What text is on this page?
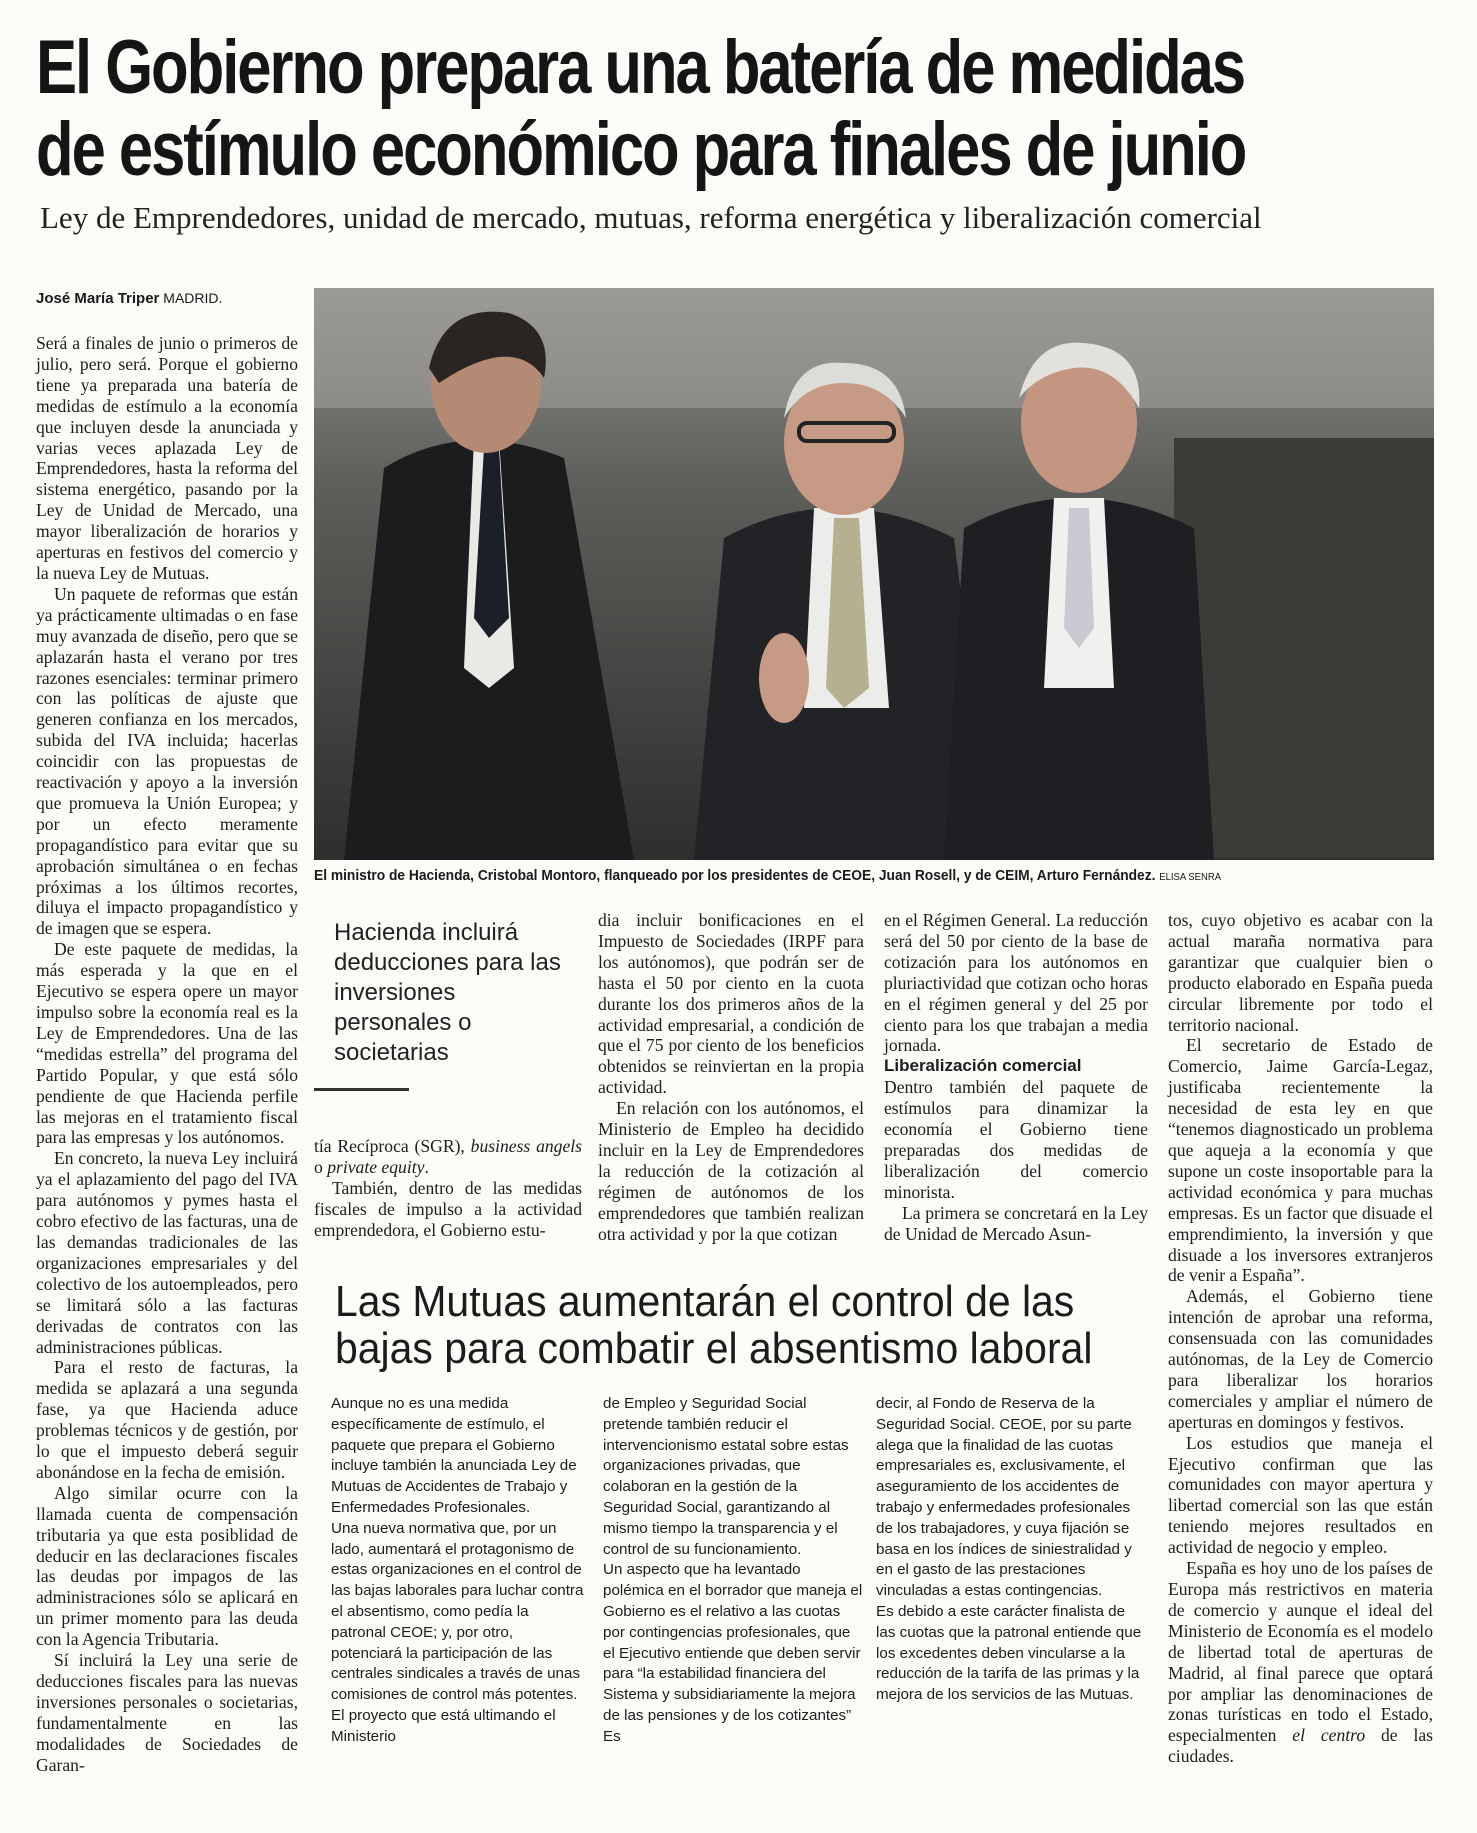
El Gobierno prepara una batería de medidas
de estímulo económico para finales de junio
Ley de Emprendedores, unidad de mercado, mutuas, reforma energética y liberalización comercial
José María Triper MADRID.

Será a finales de junio o primeros de julio, pero será. Porque el gobierno tiene ya preparada una batería de medidas de estímulo a la economía que incluyen desde la anunciada y varias veces aplazada Ley de Emprendedores, hasta la reforma del sistema energético, pasando por la Ley de Unidad de Mercado, una mayor liberalización de horarios y aperturas en festivos del comercio y la nueva Ley de Mutuas.

Un paquete de reformas que están ya prácticamente ultimadas o en fase muy avanzada de diseño, pero que se aplazarán hasta el verano por tres razones esenciales: terminar primero con las políticas de ajuste que generen confianza en los mercados, subida del IVA incluida; hacerlas coincidir con las propuestas de reactivación y apoyo a la inversión que promueva la Unión Europea; y por un efecto meramente propagandístico para evitar que su aprobación simultánea o en fechas próximas a los últimos recortes, diluya el impacto propagandístico y de imagen que se espera.

De este paquete de medidas, la más esperada y la que en el Ejecutivo se espera opere un mayor impulso sobre la economía real es la Ley de Emprendedores. Una de las “medidas estrella” del programa del Partido Popular, y que está sólo pendiente de que Hacienda perfile las mejoras en el tratamiento fiscal para las empresas y los autónomos.

En concreto, la nueva Ley incluirá ya el aplazamiento del pago del IVA para autónomos y pymes hasta el cobro efectivo de las facturas, una de las demandas tradicionales de las organizaciones empresariales y del colectivo de los autoempleados, pero se limitará sólo a las facturas derivadas de contratos con las administraciones públicas.

Para el resto de facturas, la medida se aplazará a una segunda fase, ya que Hacienda aduce problemas técnicos y de gestión, por lo que el impuesto deberá seguir abonándose en la fecha de emisión.

Algo similar ocurre con la llamada cuenta de compensación tributaria ya que esta posiblidad de deducir en las declaraciones fiscales las deudas por impagos de las administraciones sólo se aplicará en un primer momento para las deuda con la Agencia Tributaria.

Sí incluirá la Ley una serie de deducciones fiscales para las nuevas inversiones personales o societarias, fundamentalmente en las modalidades de Sociedades de Garan-

El ministro de Hacienda, Cristobal Montoro, flanqueado por los presidentes de CEOE, Juan Rosell, y de CEIM, Arturo Fernández. ELISA SENRA
Hacienda incluirá deducciones para las inversiones personales o societarias

tía Recíproca (SGR), business angels o private equity.

También, dentro de las medidas fiscales de impulso a la actividad emprendedora, el Gobierno estu-

dia incluir bonificaciones en el Impuesto de Sociedades (IRPF para los autónomos), que podrán ser de hasta el 50 por ciento en la cuota durante los dos primeros años de la actividad empresarial, a condición de que el 75 por ciento de los beneficios obtenidos se reinviertan en la propia actividad.

En relación con los autónomos, el Ministerio de Empleo ha decidido incluir en la Ley de Emprendedores la reducción de la cotización al régimen de autónomos de los emprendedores que también realizan otra actividad y por la que cotizan

en el Régimen General. La reducción será del 50 por ciento de la base de cotización para los autónomos en pluriactividad que cotizan ocho horas en el régimen general y del 25 por ciento para los que trabajan a media jornada.

Liberalización comercial

Dentro también del paquete de estímulos para dinamizar la economía el Gobierno tiene preparadas dos medidas de liberalización del comercio minorista.

La primera se concretará en la Ley de Unidad de Mercado Asun-

tos, cuyo objetivo es acabar con la actual maraña normativa para garantizar que cualquier bien o producto elaborado en España pueda circular libremente por todo el territorio nacional.

El secretario de Estado de Comercio, Jaime García-Legaz, justificaba recientemente la necesidad de esta ley en que “tenemos diagnosticado un problema que aqueja a la economía y que supone un coste insoportable para la actividad económica y para muchas empresas. Es un factor que disuade el emprendimiento, la inversión y que disuade a los inversores extranjeros de venir a España”.

Además, el Gobierno tiene intención de aprobar una reforma, consensuada con las comunidades autónomas, de la Ley de Comercio para liberalizar los horarios comerciales y ampliar el número de aperturas en domingos y festivos.

Los estudios que maneja el Ejecutivo confirman que las comunidades con mayor apertura y libertad comercial son las que están teniendo mejores resultados en actividad de negocio y empleo.

España es hoy uno de los países de Europa más restrictivos en materia de comercio y aunque el ideal del Ministerio de Economía es el modelo de libertad total de aperturas de Madrid, al final parece que optará por ampliar las denominaciones de zonas turísticas en todo el Estado, especialmenten el centro de las ciudades.

Las Mutuas aumentarán el control de las
bajas para combatir el absentismo laboral

Aunque no es una medida específicamente de estímulo, el paquete que prepara el Gobierno incluye también la anunciada Ley de Mutuas de Accidentes de Trabajo y Enfermedades Profesionales.

Una nueva normativa que, por un lado, aumentará el protagonismo de estas organizaciones en el control de las bajas laborales para luchar contra el absentismo, como pedía la patronal CEOE; y, por otro, potenciará la participación de las centrales sindicales a través de unas comisiones de control más potentes. El proyecto que está ultimando el Ministerio

de Empleo y Seguridad Social pretende también reducir el intervencionismo estatal sobre estas organizaciones privadas, que colaboran en la gestión de la Seguridad Social, garantizando al mismo tiempo la transparencia y el control de su funcionamiento.

Un aspecto que ha levantado polémica en el borrador que maneja el Gobierno es el relativo a las cuotas por contingencias profesionales, que el Ejecutivo entiende que deben servir para “la estabilidad financiera del Sistema y subsidiariamente la mejora de las pensiones y de los cotizantes” Es

decir, al Fondo de Reserva de la Seguridad Social. CEOE, por su parte alega que la finalidad de las cuotas empresariales es, exclusivamente, el aseguramiento de los accidentes de trabajo y enfermedades profesionales de los trabajadores, y cuya fijación se basa en los índices de siniestralidad y en el gasto de las prestaciones vinculadas a estas contingencias.

Es debido a este carácter finalista de las cuotas que la patronal entiende que los excedentes deben vincularse a la reducción de la tarifa de las primas y la mejora de los servicios de las Mutuas.
